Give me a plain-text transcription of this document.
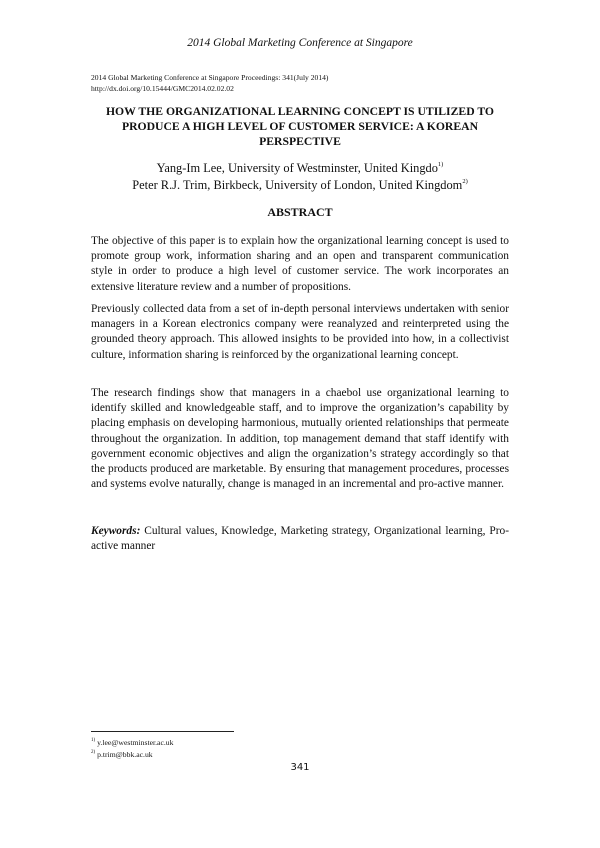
2014 Global Marketing Conference at Singapore
2014 Global Marketing Conference at Singapore Proceedings: 341(July 2014)
http://dx.doi.org/10.15444/GMC2014.02.02.02
HOW THE ORGANIZATIONAL LEARNING CONCEPT IS UTILIZED TO
PRODUCE A HIGH LEVEL OF CUSTOMER SERVICE: A KOREAN
PERSPECTIVE
Yang-Im Lee, University of Westminster, United Kingdo$^{1)}$
Peter R.J. Trim, Birkbeck, University of London, United Kingdom$^{2)}$
ABSTRACT

The objective of this paper is to explain how the organizational learning concept is used to promote group work, information sharing and an open and transparent communication style in order to produce a high level of customer service. The work incorporates an extensive literature review and a number of propositions.

Previously collected data from a set of in-depth personal interviews undertaken with senior managers in a Korean electronics company were reanalyzed and reinterpreted using the grounded theory approach. This allowed insights to be provided into how, in a collectivist culture, information sharing is reinforced by the organizational learning concept.

The research findings show that managers in a chaebol use organizational learning to identify skilled and knowledgeable staff, and to improve the organization’s capability by placing emphasis on developing harmonious, mutually oriented relationships that permeate throughout the organization. In addition, top management demand that staff identify with government economic objectives and align the organization’s strategy accordingly so that the products produced are marketable. By ensuring that management procedures, processes and systems evolve naturally, change is managed in an incremental and pro-active manner.

Keywords: Cultural values, Knowledge, Marketing strategy, Organizational learning, Pro-active manner

$^{1)}$ y.lee@westminster.ac.uk
$^{2)}$ p.trim@bbk.ac.uk
341
